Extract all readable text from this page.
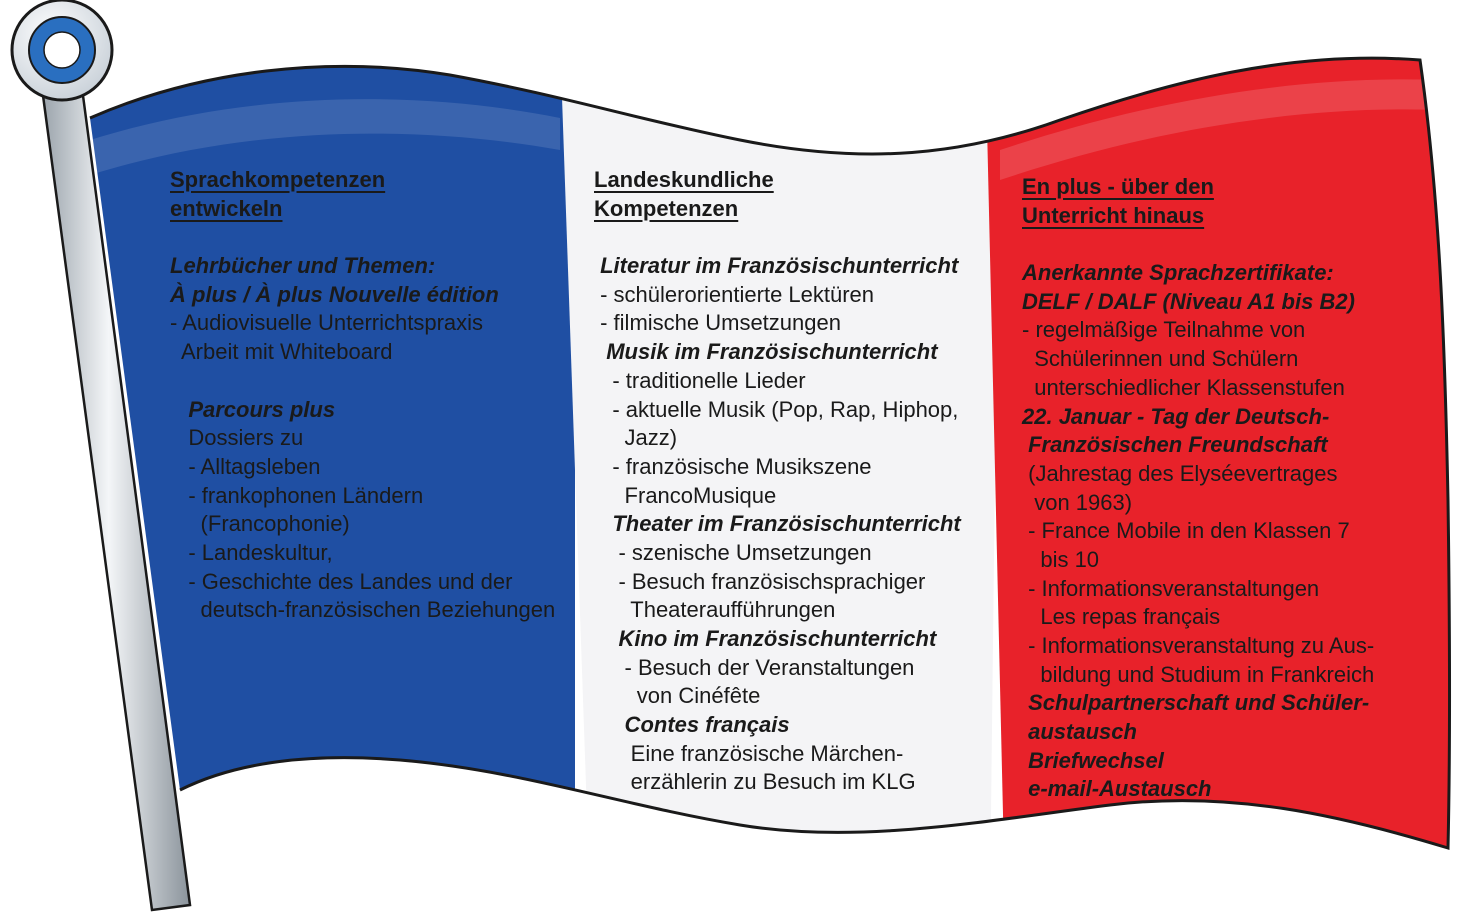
Sprachkompetenzen
entwickeln
Lehrbücher und Themen:
À plus / À plus Nouvelle édition
- Audiovisuelle Unterrichtspraxis
Arbeit mit Whiteboard
Parcours plus
Dossiers zu
- Alltagsleben
- frankophonen Ländern
(Francophonie)
- Landeskultur,
- Geschichte des Landes und der
deutsch-französischen Beziehungen
Landeskundliche
Kompetenzen
Literatur im Französischunterricht
- schülerorientierte Lektüren
- filmische Umsetzungen
Musik im Französischunterricht
- traditionelle Lieder
- aktuelle Musik (Pop, Rap, Hiphop,
Jazz)
- französische Musikszene
FrancoMusique
Theater im Französischunterricht
- szenische Umsetzungen
- Besuch französischsprachiger
Theateraufführungen
Kino im Französischunterricht
- Besuch der Veranstaltungen
von Cinéfête
Contes français
Eine französische Märchen-
erzählerin zu Besuch im KLG
En plus - über den
Unterricht hinaus
Anerkannte Sprachzertifikate:
DELF / DALF (Niveau A1 bis B2)
- regelmäßige Teilnahme von
Schülerinnen und Schülern
unterschiedlicher Klassenstufen
22. Januar - Tag der Deutsch-
Französischen Freundschaft
(Jahrestag des Elyséevertrages
von 1963)
- France Mobile in den Klassen 7
bis 10
- Informationsveranstaltungen
Les repas français
- Informationsveranstaltung zu Aus-
bildung und Studium in Frankreich
Schulpartnerschaft und Schüler-
austausch
Briefwechsel
e-mail-Austausch
